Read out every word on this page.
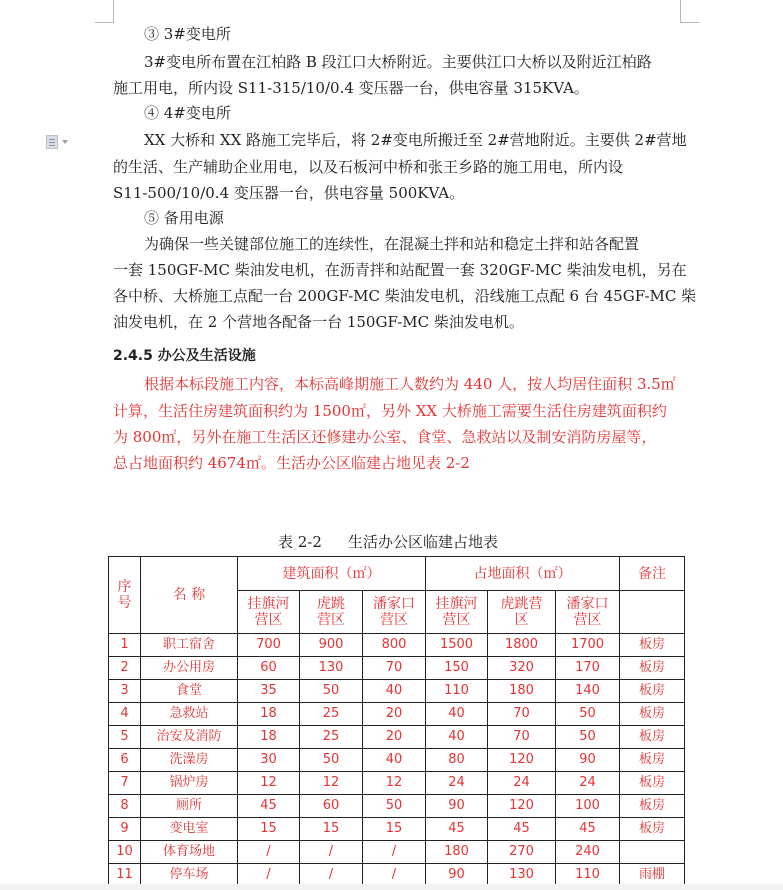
③ 3#变电所
3#变电所布置在江柏路 B 段江口大桥附近。主要供江口大桥以及附近江柏路
施工用电，所内设 S11-315/10/0.4 变压器一台，供电容量 315KVA。
④ 4#变电所
XX 大桥和 XX 路施工完毕后，将 2#变电所搬迁至 2#营地附近。主要供 2#营地
的生活、生产辅助企业用电，以及石板河中桥和张王乡路的施工用电，所内设
S11-500/10/0.4 变压器一台，供电容量 500KVA。
⑤ 备用电源
为确保一些关键部位施工的连续性，在混凝土拌和站和稳定土拌和站各配置
一套 150GF-MC 柴油发电机，在沥青拌和站配置一套 320GF-MC 柴油发电机，另在
各中桥、大桥施工点配一台 200GF-MC 柴油发电机，沿线施工点配 6 台 45GF-MC 柴
油发电机，在 2 个营地各配备一台 150GF-MC 柴油发电机。
2.4.5 办公及生活设施
根据本标段施工内容，本标高峰期施工人数约为 440 人，按人均居住面积 3.5㎡
计算，生活住房建筑面积约为 1500㎡，另外 XX 大桥施工需要生活住房建筑面积约
为 800㎡，另外在施工生活区还修建办公室、食堂、急救站以及制安消防房屋等，
总占地面积约 4674㎡。生活办公区临建占地见表 2-2
表 2-2 生活办公区临建占地表
序号	名 称	建筑面积（㎡）			占地面积（㎡）			备注
		挂旗河营区	虎跳营区	潘家口营区	挂旗河营区	虎跳营区	潘家口营区	
1	职工宿舍	700	900	800	1500	1800	1700	板房
2	办公用房	60	130	70	150	320	170	板房
3	食堂	35	50	40	110	180	140	板房
4	急救站	18	25	20	40	70	50	板房
5	治安及消防	18	25	20	40	70	50	板房
6	洗澡房	30	50	40	80	120	90	板房
7	锅炉房	12	12	12	24	24	24	板房
8	厕所	45	60	50	90	120	100	板房
9	变电室	15	15	15	45	45	45	板房
10	体育场地	/	/	/	180	270	240	
11	停车场	/	/	/	90	130	110	雨棚
